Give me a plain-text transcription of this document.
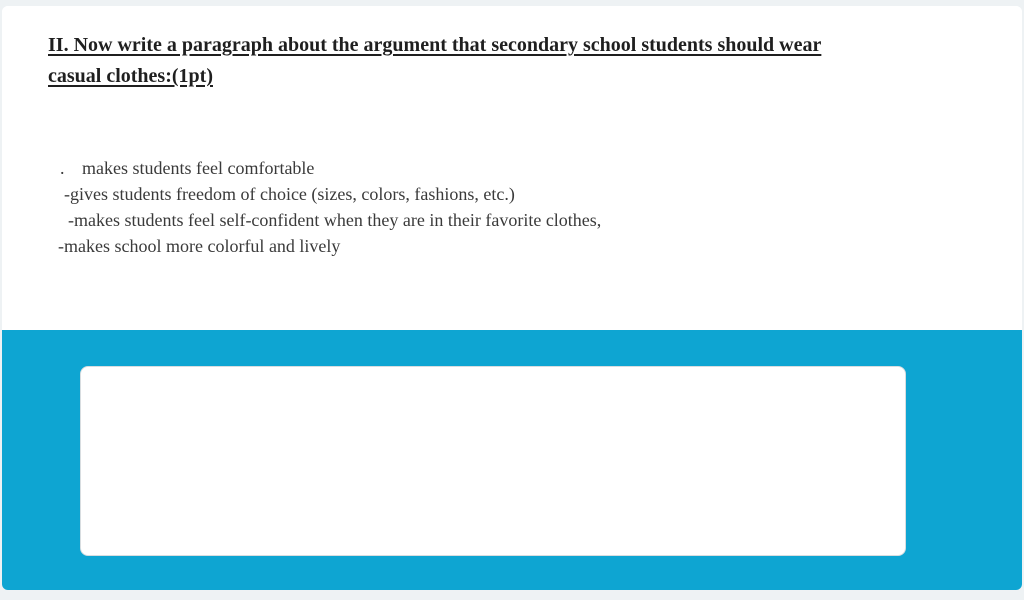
II. Now write a paragraph about the argument that secondary school students should wear
casual clothes:(1pt)
. makes students feel comfortable
-gives students freedom of choice (sizes, colors, fashions, etc.)
-makes students feel self-confident when they are in their favorite clothes,
-makes school more colorful and lively
